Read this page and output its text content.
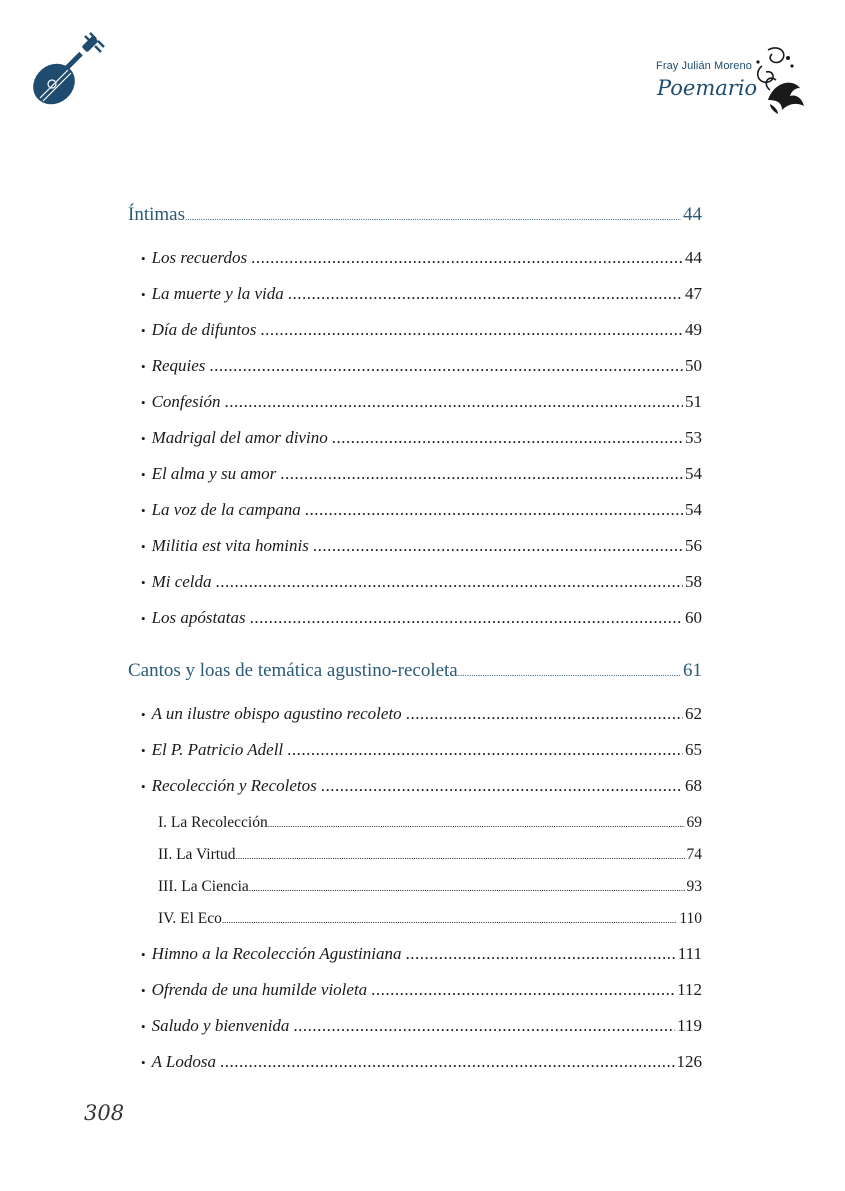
Fray Julián Moreno
Poemario
Íntimas .....	44
• Los recuerdos .....	44
• La muerte y la vida .....	47
• Día de difuntos .....	49
• Requies .....	50
• Confesión .....	51
• Madrigal del amor divino .....	53
• El alma y su amor .....	54
• La voz de la campana .....	54
• Militia est vita hominis .....	56
• Mi celda .....	58
• Los apóstatas .....	60
Cantos y loas de temática agustino-recoleta .....	61
• A un ilustre obispo agustino recoleto .....	62
• El P. Patricio Adell .....	65
• Recolección y Recoletos .....	68
I. La Recolección .....	69
II. La Virtud .....	74
III. La Ciencia .....	93
IV. El Eco .....	110
• Himno a la Recolección Agustiniana .....	111
• Ofrenda de una humilde violeta .....	112
• Saludo y bienvenida .....	119
• A Lodosa .....	126
308
